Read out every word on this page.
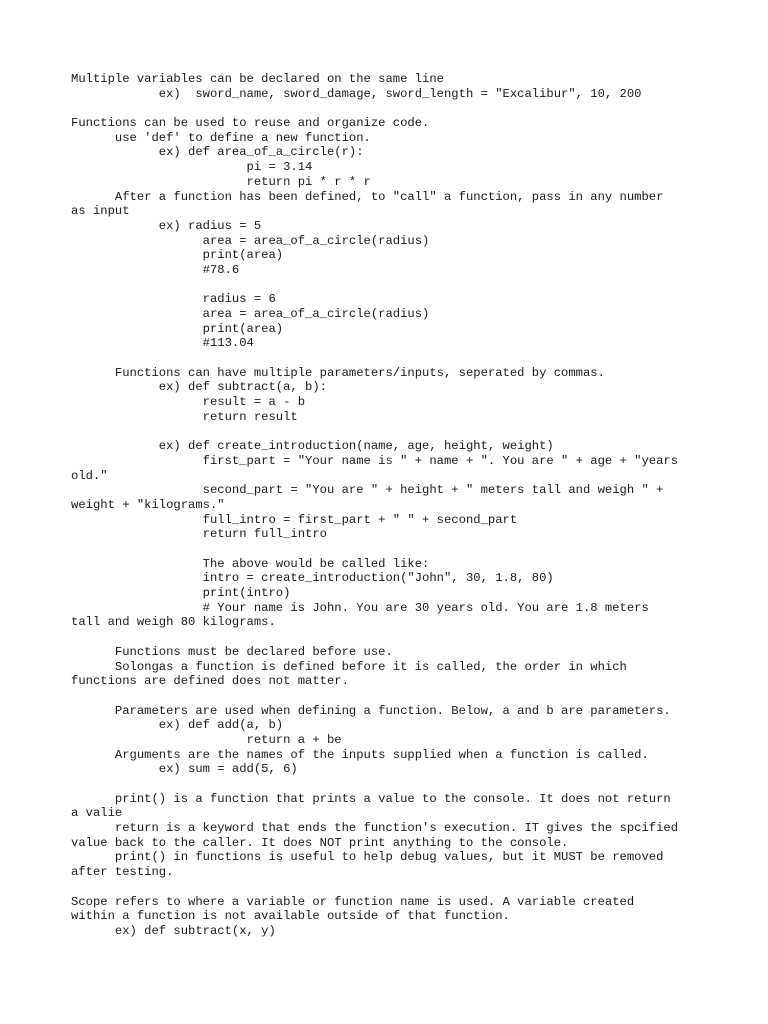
Multiple variables can be declared on the same line
ex)  sword_name, sword_damage, sword_length = "Excalibur", 10, 200
Functions can be used to reuse and organize code.
use 'def' to define a new function.
ex) def area_of_a_circle(r):
pi = 3.14
return pi * r * r
After a function has been defined, to "call" a function, pass in any number
as input
ex) radius = 5
area = area_of_a_circle(radius)
print(area)
#78.6
radius = 6
area = area_of_a_circle(radius)
print(area)
#113.04
Functions can have multiple parameters/inputs, seperated by commas.
ex) def subtract(a, b):
result = a - b
return result
ex) def create_introduction(name, age, height, weight)
first_part = "Your name is " + name + ". You are " + age + "years
old."
second_part = "You are " + height + " meters tall and weigh " +
weight + "kilograms."
full_intro = first_part + " " + second_part
return full_intro
The above would be called like:
intro = create_introduction("John", 30, 1.8, 80)
print(intro)
# Your name is John. You are 30 years old. You are 1.8 meters
tall and weigh 80 kilograms.
Functions must be declared before use.
Solongas a function is defined before it is called, the order in which
functions are defined does not matter.
Parameters are used when defining a function. Below, a and b are parameters.
ex) def add(a, b)
return a + be
Arguments are the names of the inputs supplied when a function is called.
ex) sum = add(5, 6)
print() is a function that prints a value to the console. It does not return
a valie
return is a keyword that ends the function's execution. IT gives the spcified
value back to the caller. It does NOT print anything to the console.
print() in functions is useful to help debug values, but it MUST be removed
after testing.
Scope refers to where a variable or function name is used. A variable created
within a function is not available outside of that function.
ex) def subtract(x, y)
